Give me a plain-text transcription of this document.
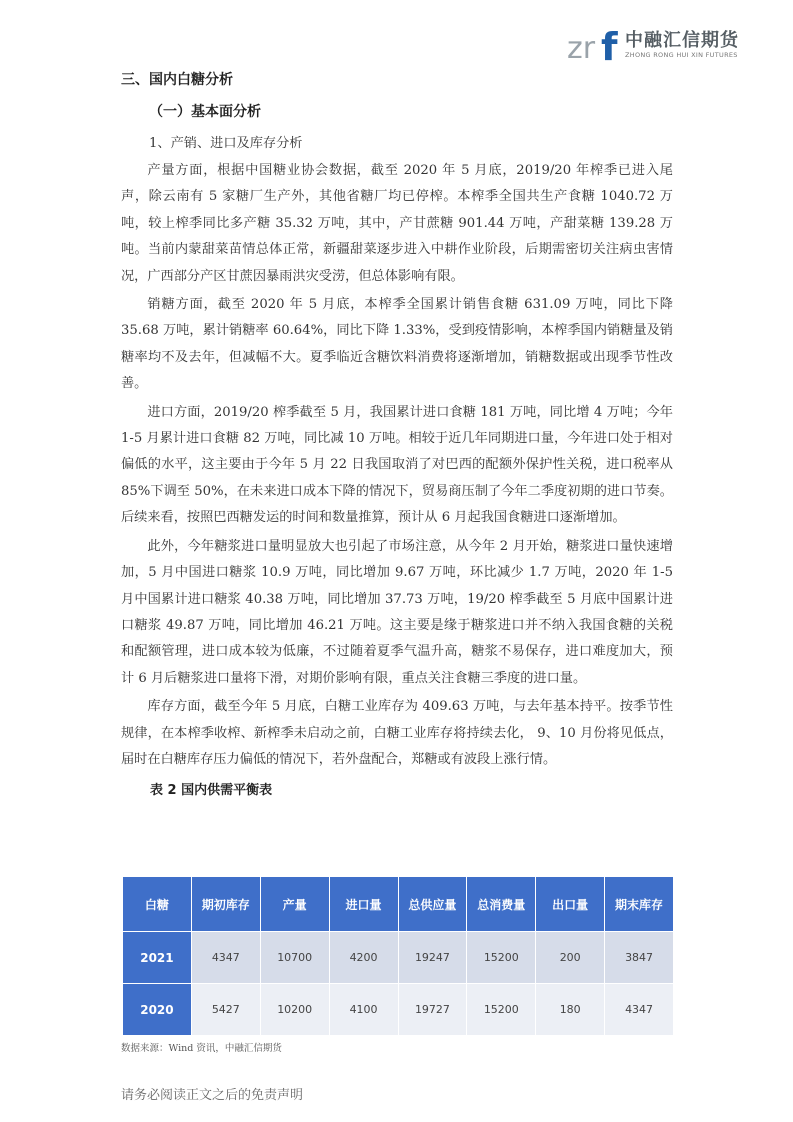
zr f 中融汇信期货
ZHONG RONG HUI XIN FUTURES
三、国内白糖分析
（一）基本面分析
1、产销、进口及库存分析

产量方面，根据中国糖业协会数据，截至 2020 年 5 月底，2019/20 年榨季已进入尾声，除云南有 5 家糖厂生产外，其他省糖厂均已停榨。本榨季全国共生产食糖 1040.72 万吨，较上榨季同比多产糖 35.32 万吨，其中，产甘蔗糖 901.44 万吨，产甜菜糖 139.28 万吨。当前内蒙甜菜苗情总体正常，新疆甜菜逐步进入中耕作业阶段，后期需密切关注病虫害情况，广西部分产区甘蔗因暴雨洪灾受涝，但总体影响有限。

销糖方面，截至 2020 年 5 月底，本榨季全国累计销售食糖 631.09 万吨，同比下降 35.68 万吨，累计销糖率 60.64%，同比下降 1.33%，受到疫情影响，本榨季国内销糖量及销糖率均不及去年，但减幅不大。夏季临近含糖饮料消费将逐渐增加，销糖数据或出现季节性改善。

进口方面，2019/20 榨季截至 5 月，我国累计进口食糖 181 万吨，同比增 4 万吨；今年 1-5 月累计进口食糖 82 万吨，同比减 10 万吨。相较于近几年同期进口量，今年进口处于相对偏低的水平，这主要由于今年 5 月 22 日我国取消了对巴西的配额外保护性关税，进口税率从 85%下调至 50%，在未来进口成本下降的情况下，贸易商压制了今年二季度初期的进口节奏。后续来看，按照巴西糖发运的时间和数量推算，预计从 6 月起我国食糖进口逐渐增加。

此外，今年糖浆进口量明显放大也引起了市场注意，从今年 2 月开始，糖浆进口量快速增加，5 月中国进口糖浆 10.9 万吨，同比增加 9.67 万吨，环比减少 1.7 万吨，2020 年 1-5 月中国累计进口糖浆 40.38 万吨，同比增加 37.73 万吨，19/20 榨季截至 5 月底中国累计进口糖浆 49.87 万吨，同比增加 46.21 万吨。这主要是缘于糖浆进口并不纳入我国食糖的关税和配额管理，进口成本较为低廉，不过随着夏季气温升高，糖浆不易保存，进口难度加大，预计 6 月后糖浆进口量将下滑，对期价影响有限，重点关注食糖三季度的进口量。

库存方面，截至今年 5 月底，白糖工业库存为 409.63 万吨，与去年基本持平。按季节性规律，在本榨季收榨、新榨季未启动之前，白糖工业库存将持续去化， 9、10 月份将见低点，届时在白糖库存压力偏低的情况下，若外盘配合，郑糖或有波段上涨行情。

表 2 国内供需平衡表
白糖	期初库存	产量	进口量	总供应量	总消费量	出口量	期末库存
2021	4347	10700	4200	19247	15200	200	3847
2020	5427	10200	4100	19727	15200	180	4347
数据来源：Wind 资讯，中融汇信期货
请务必阅读正文之后的免责声明
